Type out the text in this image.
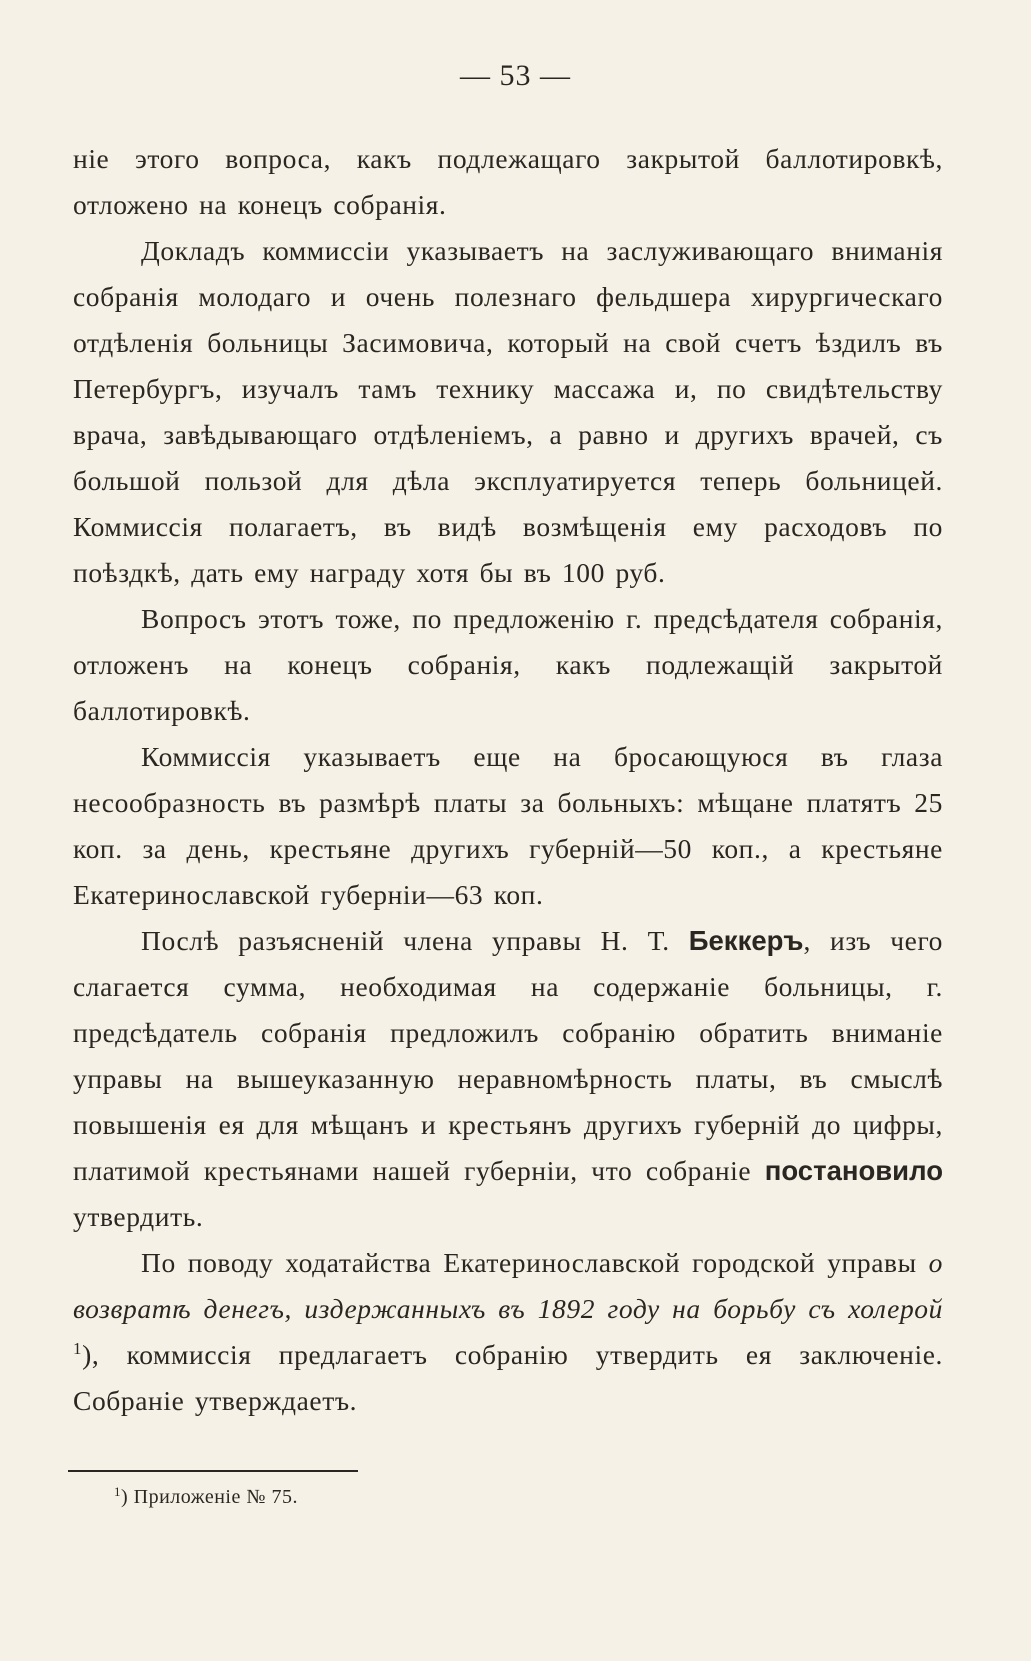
— 53 —

ніе этого вопроса, какъ подлежащаго закрытой баллотировкѣ, отложено на конецъ собранія.

Докладъ коммиссіи указываетъ на заслуживающаго вниманія собранія молодаго и очень полезнаго фельдшера хирургическаго отдѣленія больницы Засимовича, который на свой счетъ ѣздилъ въ Петербургъ, изучалъ тамъ технику массажа и, по свидѣтельству врача, завѣдывающаго отдѣленіемъ, а равно и другихъ врачей, съ большой пользой для дѣла эксплуатируется теперь больницей. Коммиссія полагаетъ, въ видѣ возмѣщенія ему расходовъ по поѣздкѣ, дать ему награду хотя бы въ 100 руб.

Вопросъ этотъ тоже, по предложенію г. предсѣдателя собранія, отложенъ на конецъ собранія, какъ подлежащій закрытой баллотировкѣ.

Коммиссія указываетъ еще на бросающуюся въ глаза несообразность въ размѣрѣ платы за больныхъ: мѣщане платятъ 25 коп. за день, крестьяне другихъ губерній—50 коп., а крестьяне Екатеринославской губерніи—63 коп.

Послѣ разъясненій члена управы Н. Т. Беккеръ, изъ чего слагается сумма, необходимая на содержаніе больницы, г. предсѣдатель собранія предложилъ собранію обратить вниманіе управы на вышеуказанную неравномѣрность платы, въ смыслѣ повышенія ея для мѣщанъ и крестьянъ другихъ губерній до цифры, платимой крестьянами нашей губерніи, что собраніе постановило утвердить.

По поводу ходатайства Екатеринославской городской управы о возвратѣ денегъ, издержанныхъ въ 1892 году на борьбу съ холерой $^1$), коммиссія предлагаетъ собранію утвердить ея заключеніе. Собраніе утверждаетъ.

$^1$) Приложеніе № 75.
